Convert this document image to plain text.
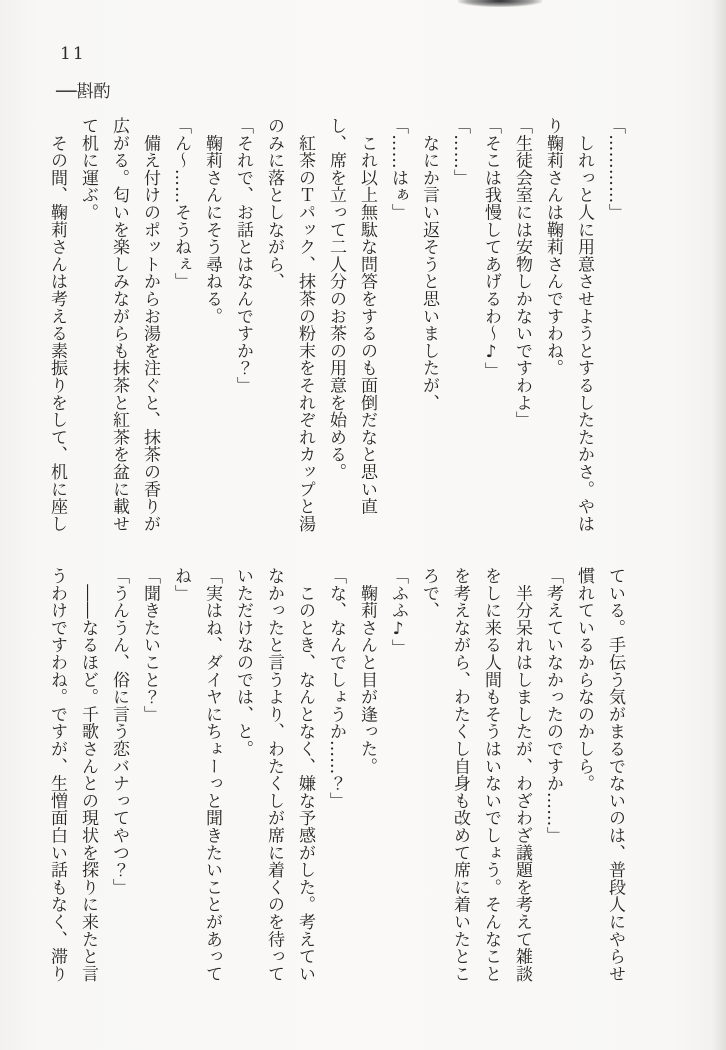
11
──斟酌

「…………」

　しれっと人に用意させようとするしたたかさ。やは

り鞠莉さんは鞠莉さんですわね。

「生徒会室には安物しかないですわよ」

「そこは我慢してあげるわ～♪」

「……」

　なにか言い返そうと思いましたが、

「……はぁ」

　これ以上無駄な問答をするのも面倒だなと思い直

し、席を立って二人分のお茶の用意を始める。

　紅茶のＴパック、抹茶の粉末をそれぞれカップと湯

のみに落としながら、

「それで、お話とはなんですか？」

　鞠莉さんにそう尋ねる。

「ん～……そうねぇ」

　備え付けのポットからお湯を注ぐと、抹茶の香りが

広がる。匂いを楽しみながらも抹茶と紅茶を盆に載せ

て机に運ぶ。

　その間、鞠莉さんは考える素振りをして、机に座し

ている。手伝う気がまるでないのは、普段人にやらせ

慣れているからなのかしら。

「考えていなかったのですか……」

　半分呆れはしましたが、わざわざ議題を考えて雑談

をしに来る人間もそうはいないでしょう。そんなこと

を考えながら、わたくし自身も改めて席に着いたとこ

ろで、

「ふふ♪」

　鞠莉さんと目が逢った。

「な、なんでしょうか……？」

　このとき、なんとなく、嫌な予感がした。考えてい

なかったと言うより、わたくしが席に着くのを待って

いただけなのでは、と。

「実はね、ダイヤにちょーっと聞きたいことがあって

ね」

「聞きたいこと？」

「うんうん、俗に言う恋バナってやつ？」

　――なるほど。千歌さんとの現状を探りに来たと言

うわけですわね。ですが、生憎面白い話もなく、滞り
